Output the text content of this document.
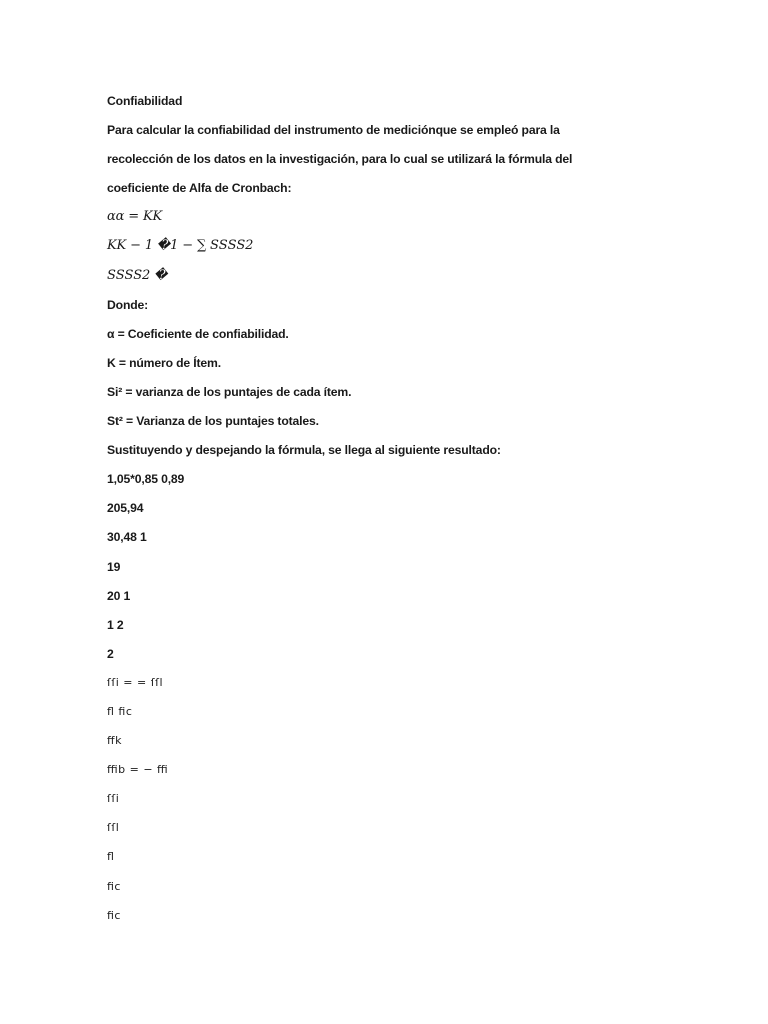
Confiabilidad
Para calcular la confiabilidad del instrumento de mediciónque se empleó para la
recolección de los datos en la investigación, para lo cual se utilizará la fórmula del
coeficiente de Alfa de Cronbach:
𝛼𝛼 = 𝐾𝐾
𝐾𝐾 − 1 �1 − ∑ 𝑆𝑆𝑆𝑆2
𝑆𝑆𝑆𝑆2 �
Donde:
α = Coeficiente de confiabilidad.
K = número de Ítem.
Si² = varianza de los puntajes de cada ítem.
St² = Varianza de los puntajes totales.
Sustituyendo y despejando la fórmula, se llega al siguiente resultado:
1,05*0,85 0,89
205,94
30,48 1
19
20 1
1 2
2
ſſi = = ſſl
ﬂ ﬁc
ﬀk
ﬃb = − ﬃ
ſſi
ſſl
ﬂ
ﬁc
ﬁc
